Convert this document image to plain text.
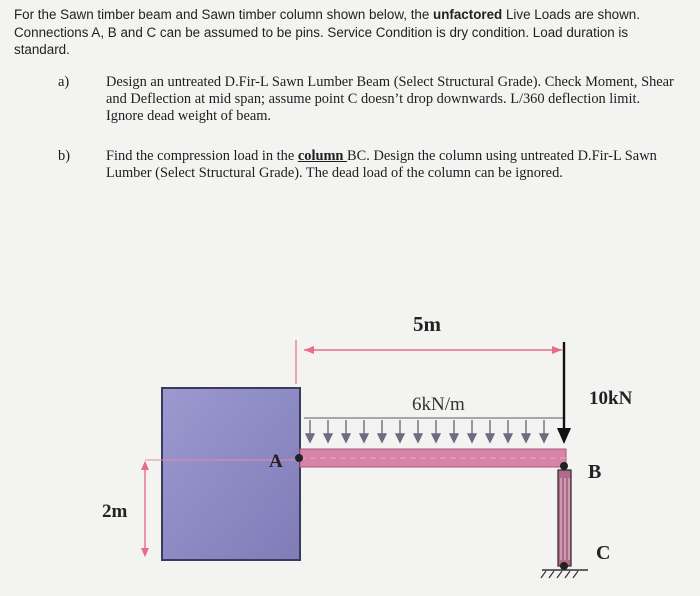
For the Sawn timber beam and Sawn timber column shown below, the unfactored Live Loads are shown. Connections A, B and C can be assumed to be pins. Service Condition is dry condition. Load duration is standard.
a)	Design an untreated D.Fir-L Sawn Lumber Beam (Select Structural Grade). Check Moment, Shear and Deflection at mid span; assume point C doesn’t drop downwards. L/360 deflection limit. Ignore dead weight of beam.
b)	Find the compression load in the column BC. Design the column using untreated D.Fir-L Sawn Lumber (Select Structural Grade). The dead load of the column can be ignored.
2m
5m
6kN/m	10kN
A	B
C
